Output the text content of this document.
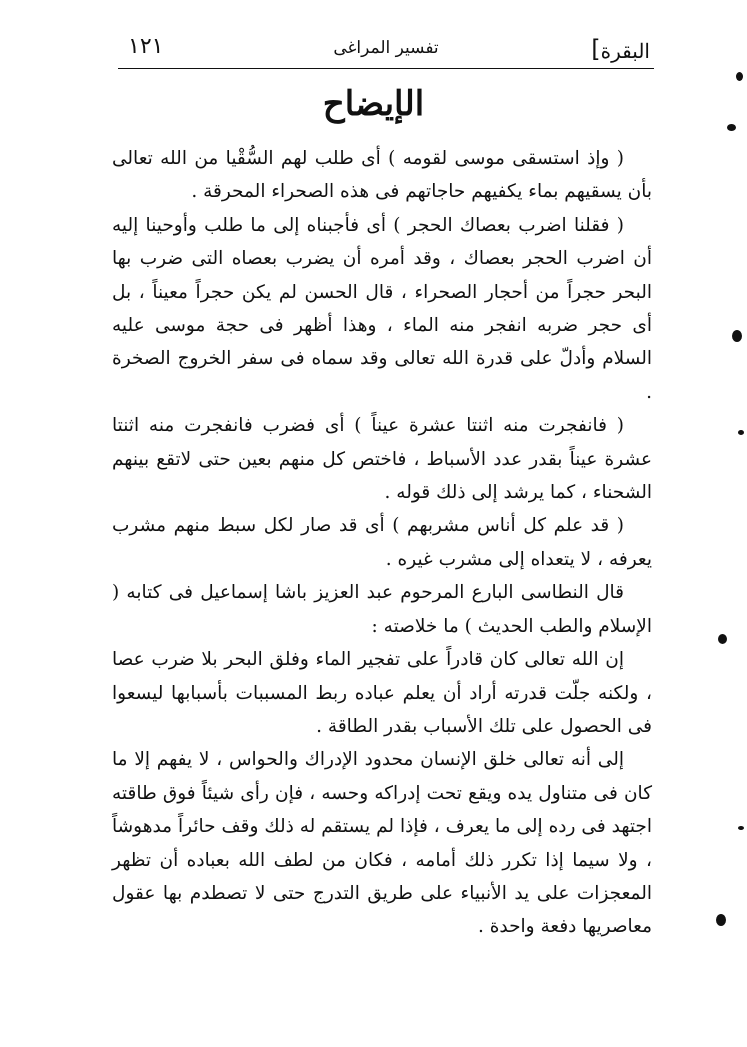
البقرة]
تفسير المراغى
١٢١
الإيضاح

( وإذ استسقى موسى لقومه ) أى طلب لهم السُّقْيا من الله تعالى بأن يسقيهم بماء يكفيهم حاجاتهم فى هذه الصحراء المحرقة .

( فقلنا اضرب بعصاك الحجر ) أى فأجبناه إلى ما طلب وأوحينا إليه أن اضرب الحجر بعصاك ، وقد أمره أن يضرب بعصاه التى ضرب بها البحر حجراً من أحجار الصحراء ، قال الحسن لم يكن حجراً معيناً ، بل أى حجر ضربه انفجر منه الماء ، وهذا أظهر فى حجة موسى عليه السلام وأدلّ على قدرة الله تعالى وقد سماه فى سفر الخروج الصخرة .

( فانفجرت منه اثنتا عشرة عيناً ) أى فضرب فانفجرت منه اثنتا عشرة عيناً بقدر عدد الأسباط ، فاختص كل منهم بعين حتى لاتقع بينهم الشحناء ، كما يرشد إلى ذلك قوله .

( قد علم كل أناس مشربهم ) أى قد صار لكل سبط منهم مشرب يعرفه ، لا يتعداه إلى مشرب غيره .

قال النطاسى البارع المرحوم عبد العزيز باشا إسماعيل فى كتابه ( الإسلام والطب الحديث ) ما خلاصته :

إن الله تعالى كان قادراً على تفجير الماء وفلق البحر بلا ضرب عصا ، ولكنه جلّت قدرته أراد أن يعلم عباده ربط المسببات بأسبابها ليسعوا فى الحصول على تلك الأسباب بقدر الطاقة .

إلى أنه تعالى خلق الإنسان محدود الإدراك والحواس ، لا يفهم إلا ما كان فى متناول يده ويقع تحت إدراكه وحسه ، فإن رأى شيئاً فوق طاقته اجتهد فى رده إلى ما يعرف ، فإذا لم يستقم له ذلك وقف حائراً مدهوشاً ، ولا سيما إذا تكرر ذلك أمامه ، فكان من لطف الله بعباده أن تظهر المعجزات على يد الأنبياء على طريق التدرج حتى لا تصطدم بها عقول معاصريها دفعة واحدة .
